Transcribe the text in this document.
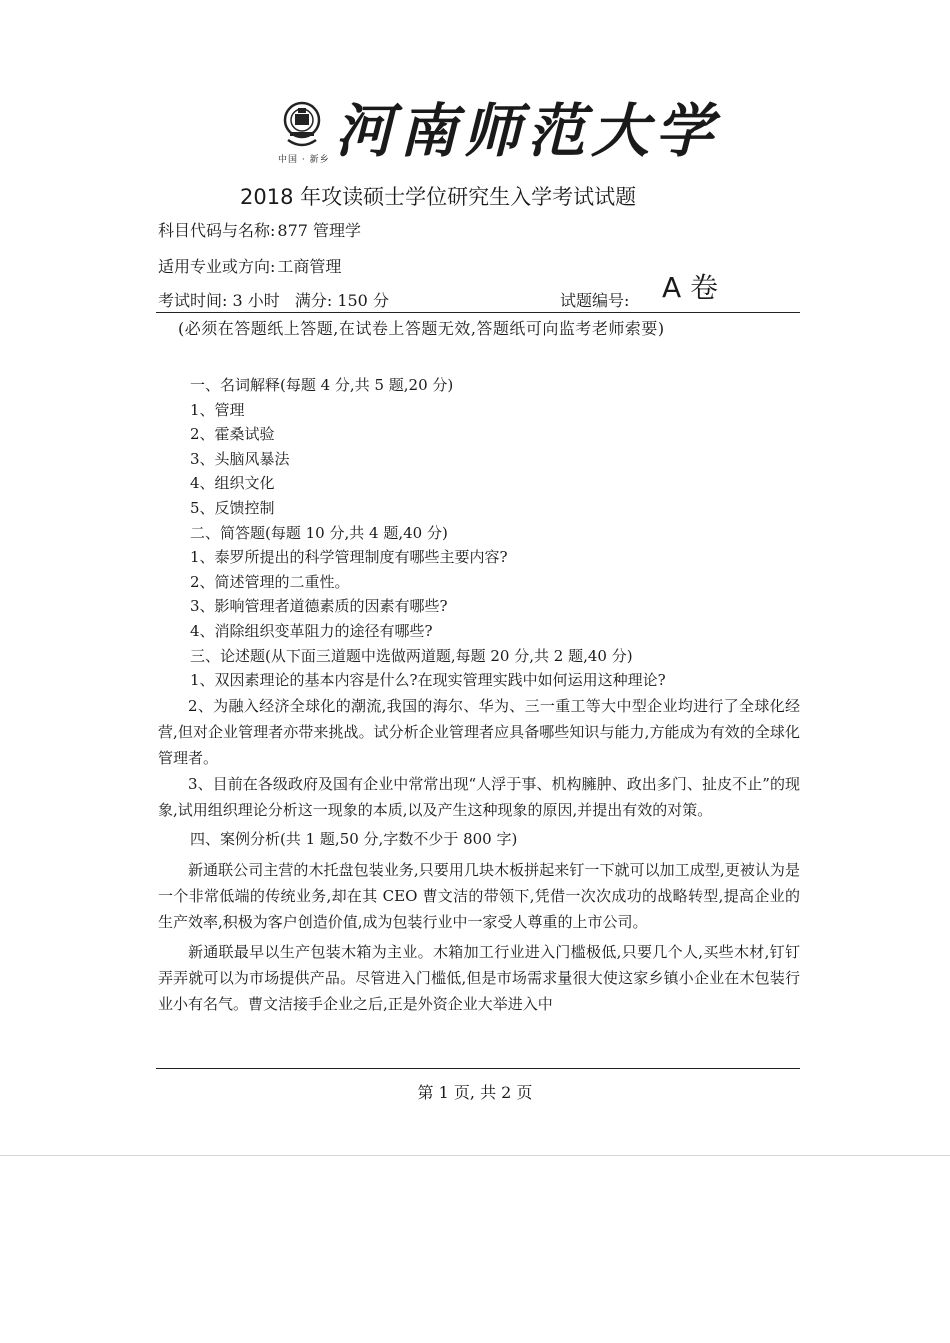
中国 · 新乡 河南师范大学
2018 年攻读硕士学位研究生入学考试试题
科目代码与名称: 877 管理学
适用专业或方向: 工商管理
考试时间: 3 小时 满分: 150 分	试题编号: A 卷
(必须在答题纸上答题,在试卷上答题无效,答题纸可向监考老师索要)
一、名词解释(每题 4 分,共 5 题,20 分)
1、管理
2、霍桑试验
3、头脑风暴法
4、组织文化
5、反馈控制
二、简答题(每题 10 分,共 4 题,40 分)
1、泰罗所提出的科学管理制度有哪些主要内容?
2、简述管理的二重性。
3、影响管理者道德素质的因素有哪些?
4、消除组织变革阻力的途径有哪些?
三、论述题(从下面三道题中选做两道题,每题 20 分,共 2 题,40 分)
1、双因素理论的基本内容是什么?在现实管理实践中如何运用这种理论?

2、为融入经济全球化的潮流,我国的海尔、华为、三一重工等大中型企业均进行了全球化经营,但对企业管理者亦带来挑战。试分析企业管理者应具备哪些知识与能力,方能成为有效的全球化管理者。

3、目前在各级政府及国有企业中常常出现“人浮于事、机构臃肿、政出多门、扯皮不止”的现象,试用组织理论分析这一现象的本质,以及产生这种现象的原因,并提出有效的对策。

四、案例分析(共 1 题,50 分,字数不少于 800 字)

新通联公司主营的木托盘包装业务,只要用几块木板拼起来钉一下就可以加工成型,更被认为是一个非常低端的传统业务,却在其 CEO 曹文洁的带领下,凭借一次次成功的战略转型,提高企业的生产效率,积极为客户创造价值,成为包装行业中一家受人尊重的上市公司。

新通联最早以生产包装木箱为主业。木箱加工行业进入门槛极低,只要几个人,买些木材,钉钉弄弄就可以为市场提供产品。尽管进入门槛低,但是市场需求量很大使这家乡镇小企业在木包装行业小有名气。曹文洁接手企业之后,正是外资企业大举进入中

第 1 页, 共 2 页
